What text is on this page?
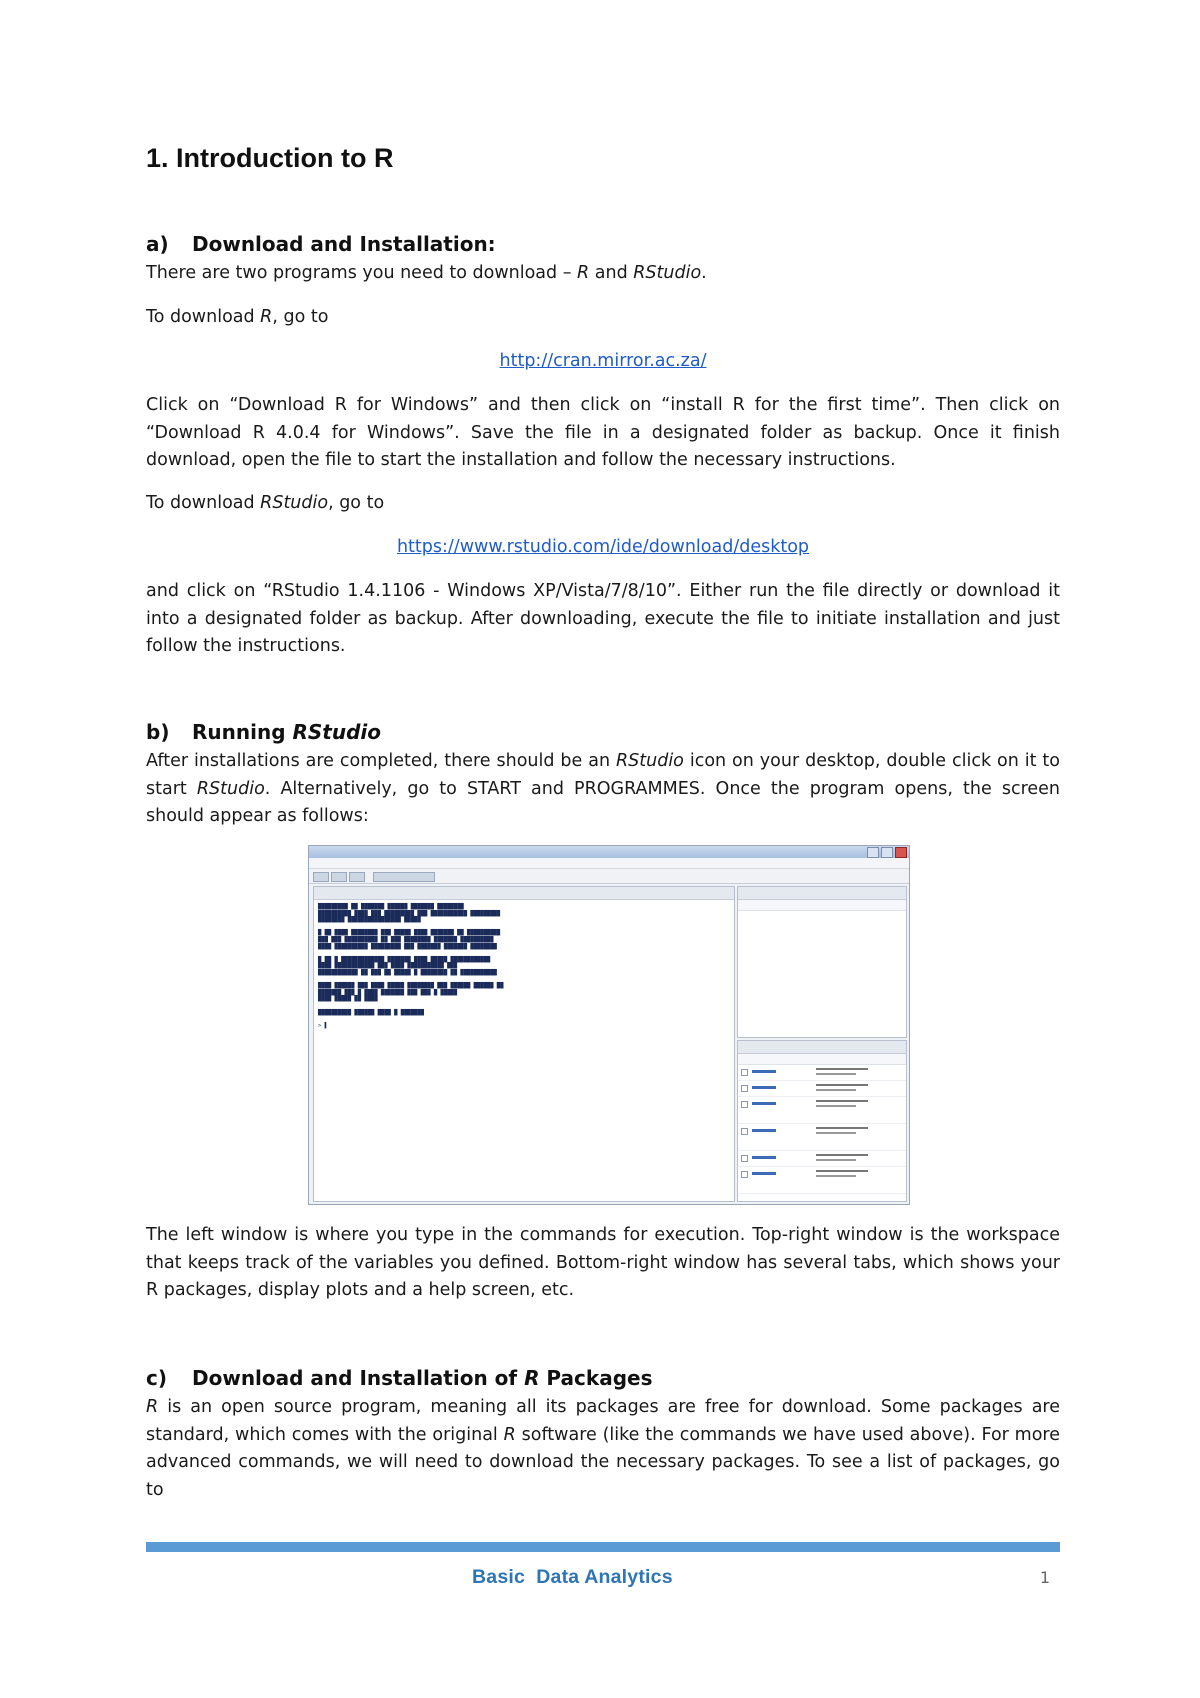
1. Introduction to R
a) Download and Installation:
There are two programs you need to download – R and RStudio.
To download R, go to
http://cran.mirror.ac.za/
Click on “Download R for Windows” and then click on “install R for the first time”. Then click on “Download R 4.0.4 for Windows”. Save the file in a designated folder as backup. Once it finish download, open the file to start the installation and follow the necessary instructions.
To download RStudio, go to
https://www.rstudio.com/ide/download/desktop
and click on “RStudio 1.4.1106 - Windows XP/Vista/7/8/10”. Either run the file directly or download it into a designated folder as backup. After downloading, execute the file to initiate installation and just follow the instructions.
b) Running RStudio
After installations are completed, there should be an RStudio icon on your desktop, double click on it to start RStudio. Alternatively, go to START and PROGRAMMES. Once the program opens, the screen should appear as follows:
█████████ ██ ███████ ██████ ███████ ████████
██████████ ████ ███ █████████ ███ ███████████ █████████
████████ ████████████████ █████

█ ██ ████ ████████ ███ █████ ████ ███████ ██ ██████████
███ ███ ██████████ ██ ███ ████████ ███████ ██████████
████ ██████████ █████████ ███ ███████ ███████ ████████

█ ██ █ █████████████ ███████ ████ █████ ████████████
████ ████████████ ███ ████ ███████████ ███
████████████ ██ ███ ██ █████ █ ████████ ██ ███████████

████ ██████ ███ ████ █████ ████████ ███ ██████ ██████ ██
███████ ███ █ ████ ███████ ███ ███ █ █████
████ █████ ██ ████

██████████ ██████ ████ █ ███████

> ▌
The left window is where you type in the commands for execution. Top-right window is the workspace that keeps track of the variables you defined. Bottom-right window has several tabs, which shows your R packages, display plots and a help screen, etc.
c) Download and Installation of R Packages
R is an open source program, meaning all its packages are free for download. Some packages are standard, which comes with the original R software (like the commands we have used above). For more advanced commands, we will need to download the necessary packages. To see a list of packages, go to
Basic  Data Analytics	1
